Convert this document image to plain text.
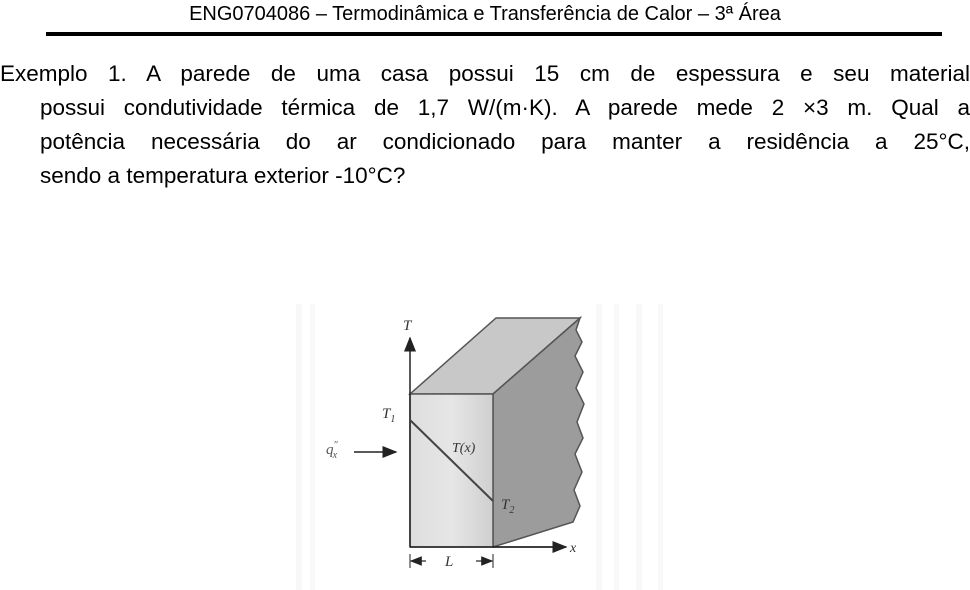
ENG0704086 – Termodinâmica e Transferência de Calor – 3ª Área
Exemplo 1. A parede de uma casa possui 15 cm de espessura e seu material
possui condutividade térmica de 1,7 W/(m·K). A parede mede 2 ×3 m. Qual a
potência necessária do ar condicionado para manter a residência a 25°C,
sendo a temperatura exterior -10°C?
T
$T_1$
T(x)
$T_2$
q″ x
x
L
